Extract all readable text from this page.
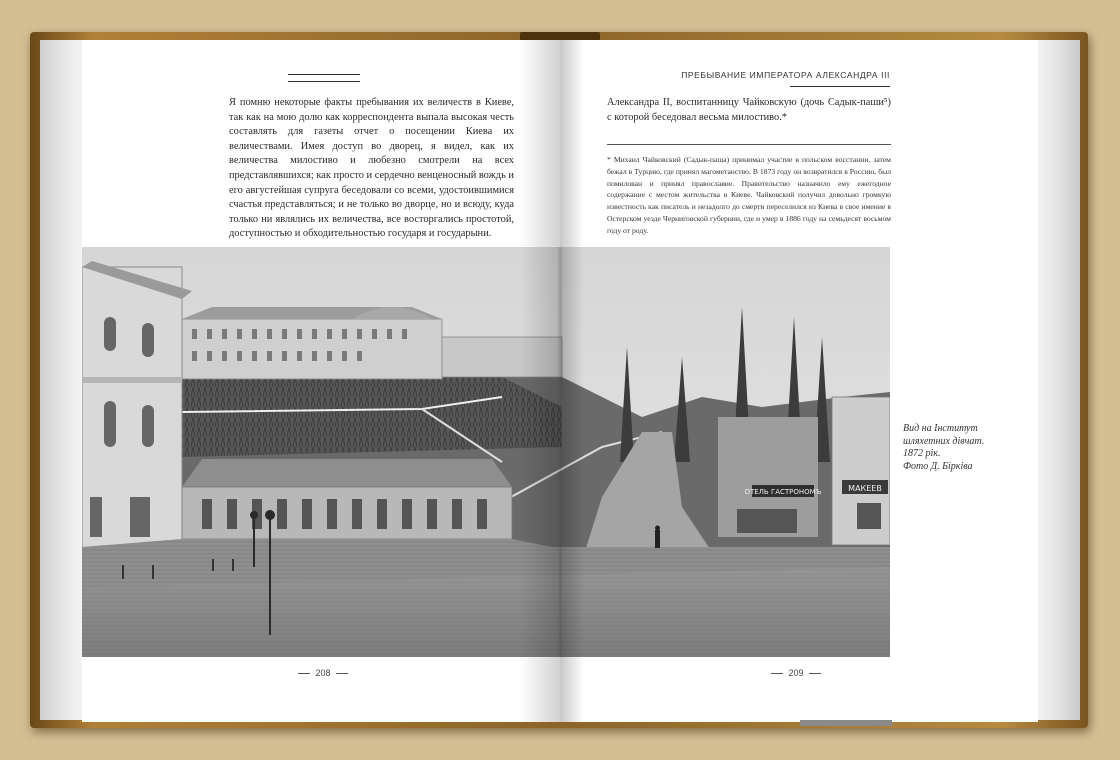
ПРЕБЫВАНИЕ ИМПЕРАТОРА АЛЕКСАНДРА III

Я помню некоторые факты пребывания их величеств в Киеве, так как на мою долю как корреспондента выпала высокая честь составлять для газеты отчет о посещении Киева их величествами. Имея доступ во дворец, я видел, как их величества милостиво и любезно смотрели на всех представлявшихся; как просто и сердечно венценосный вождь и его августейшая супруга беседовали со всеми, удостоившимися счастья представляться; и не только во дворце, но и всюду, куда только ни являлись их величества, все восторгались простотой, доступностью и обходительностью государя и государыни.

Александра II, воспитанницу Чайковскую (дочь Садык-паши⁵) с которой беседовал весьма милостиво.*
* Михаил Чайковский (Садык-паша) принимал участие в польском восстании, затем бежал в Турцию, где принял магометанство. В 1873 году он возвратился в Россию, был помилован и принял православие. Правительство назначило ему ежегодное содержание с местом жительства в Киеве. Чайковский получил довольно громкую известность как писатель и незадолго до смерти переселился из Киева в свое имение в Остерском уезде Черниговской губернии, где и умер в 1886 году на семьдесят восьмом году от роду.
ОТЕЛЬ ГАСТРОНОМЪ	МАКЕЕВ
Вид на Інститут
шляхетних дівчат.
1872 рік.
Фото Д. Бірківа
208	209
